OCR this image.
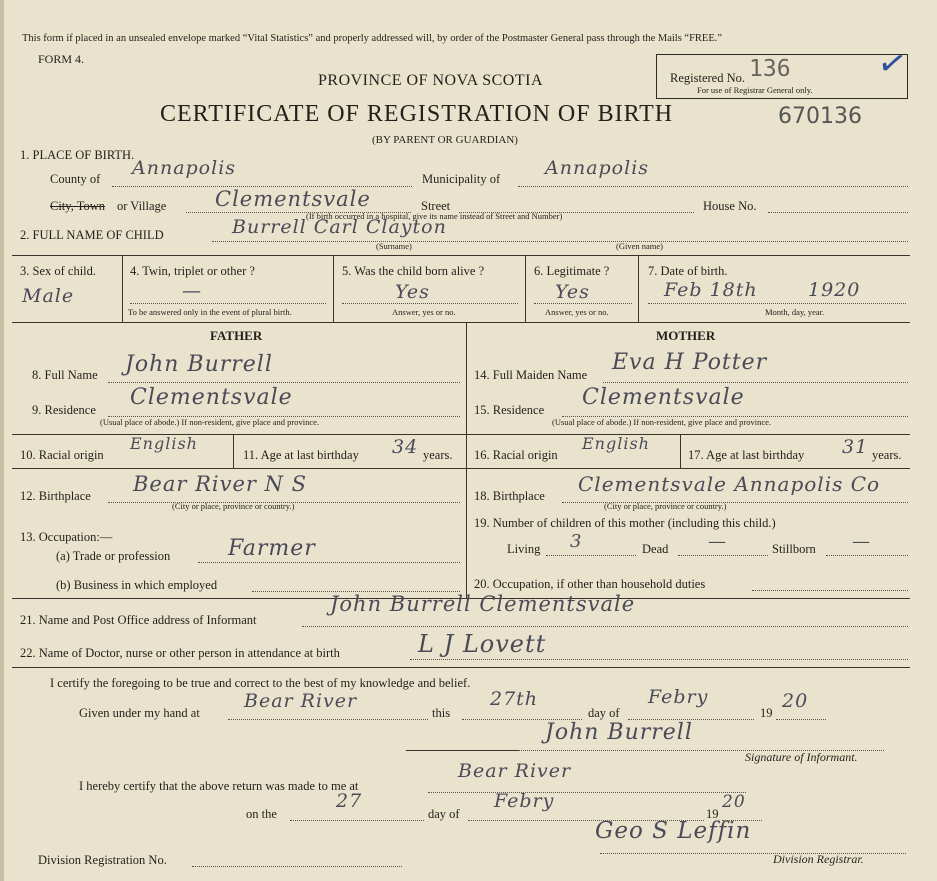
This form if placed in an unsealed envelope marked “Vital Statistics” and properly addressed will, by order of the Postmaster General pass through the Mails “FREE.”
FORM 4.
PROVINCE OF NOVA SCOTIA	Registered No. 136
For use of Registrar General only.
✓
CERTIFICATE OF REGISTRATION OF BIRTH	670136
(BY PARENT OR GUARDIAN)
1. PLACE OF BIRTH.
County of Annapolis	Municipality of Annapolis
City, Town or Village Clementsvale	Street	House No.
(If birth occurred in a hospital, give its name instead of Street and Number)
2. FULL NAME OF CHILD	Burrell Carl Clayton
(Surname)	(Given name)
3. Sex of child.
Male
4. Twin, triplet or other ?
—
To be answered only in the event of plural birth.
5. Was the child born alive ?
Yes
Answer, yes or no.
6. Legitimate ?
Yes
Answer, yes or no.
7. Date of birth.
Feb 18th	1920
Month, day, year.
FATHER	MOTHER
8. Full Name John Burrell
9. Residence Clementsvale
(Usual place of abode.) If non-resident, give place and province.
10. Racial origin
English
11. Age at last birthday 34 years.
12. Birthplace Bear River N S
(City or place, province or country.)
13. Occupation:—
(a) Trade or profession	Farmer
(b) Business in which employed
14. Full Maiden Name Eva H Potter
15. Residence Clementsvale
(Usual place of abode.) If non-resident, give place and province.
16. Racial origin
English
17. Age at last birthday 31 years.
18. Birthplace Clementsvale Annapolis Co
(City or place, province or country.)
19. Number of children of this mother (including this child.)
Living 3	Dead —	Stillborn —
20. Occupation, if other than household duties
21. Name and Post Office address of Informant
John Burrell Clementsvale
22. Name of Doctor, nurse or other person in attendance at birth	L J Lovett
I certify the foregoing to be true and correct to the best of my knowledge and belief.
Given under my hand at
Bear River
this
27th
day of
Febry
19
20
John Burrell
Signature of Informant.
I hereby certify that the above return was made to me at
Bear River
on the
27
day of
Febry
19
20
Geo S Leffin
Division Registrar.
Division Registration No.
